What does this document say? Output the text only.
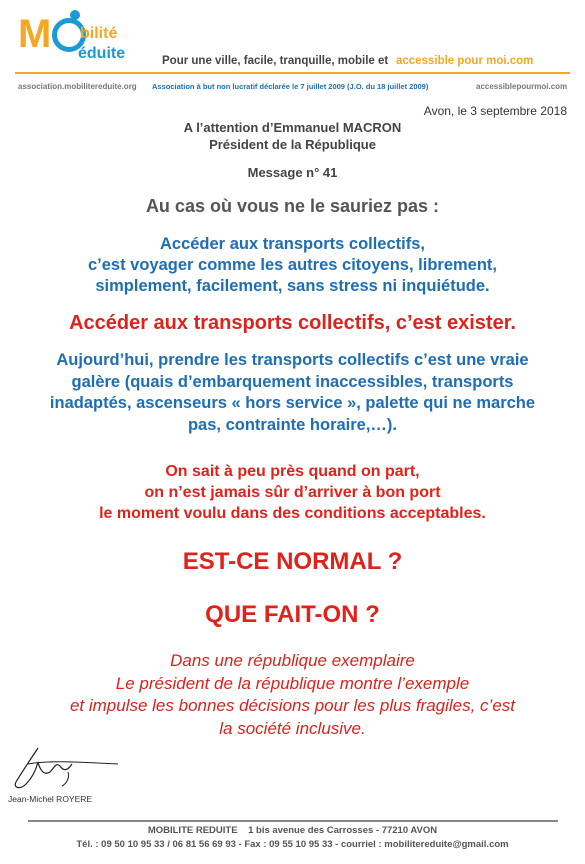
M bilité
éduite	Pour une ville, facile, tranquille, mobile et accessible pour moi.com
association.mobilitereduite.org Association à but non lucratif déclarée le 7 juillet 2009 (J.O. du 18 juillet 2009)	accessiblepourmoi.com
Avon, le 3 septembre 2018
A l’attention d’Emmanuel MACRON
Président de la République
Message n° 41
Au cas où vous ne le sauriez pas :
Accéder aux transports collectifs,
c’est voyager comme les autres citoyens, librement,
simplement, facilement, sans stress ni inquiétude.
Accéder aux transports collectifs, c’est exister.
Aujourd’hui, prendre les transports collectifs c’est une vraie
galère (quais d’embarquement inaccessibles, transports
inadaptés, ascenseurs « hors service », palette qui ne marche
pas, contrainte horaire,…).
On sait à peu près quand on part,
on n’est jamais sûr d’arriver à bon port
le moment voulu dans des conditions acceptables.
EST-CE NORMAL ?
QUE FAIT-ON ?
Dans une république exemplaire
Le président de la république montre l’exemple
et impulse les bonnes décisions pour les plus fragiles, c’est
la société inclusive.
Jean-Michel ROYERE
MOBILITE REDUITE    1 bis avenue des Carrosses - 77210 AVON
Tél. : 09 50 10 95 33 / 06 81 56 69 93 - Fax : 09 55 10 95 33 - courriel : mobilitereduite@gmail.com
